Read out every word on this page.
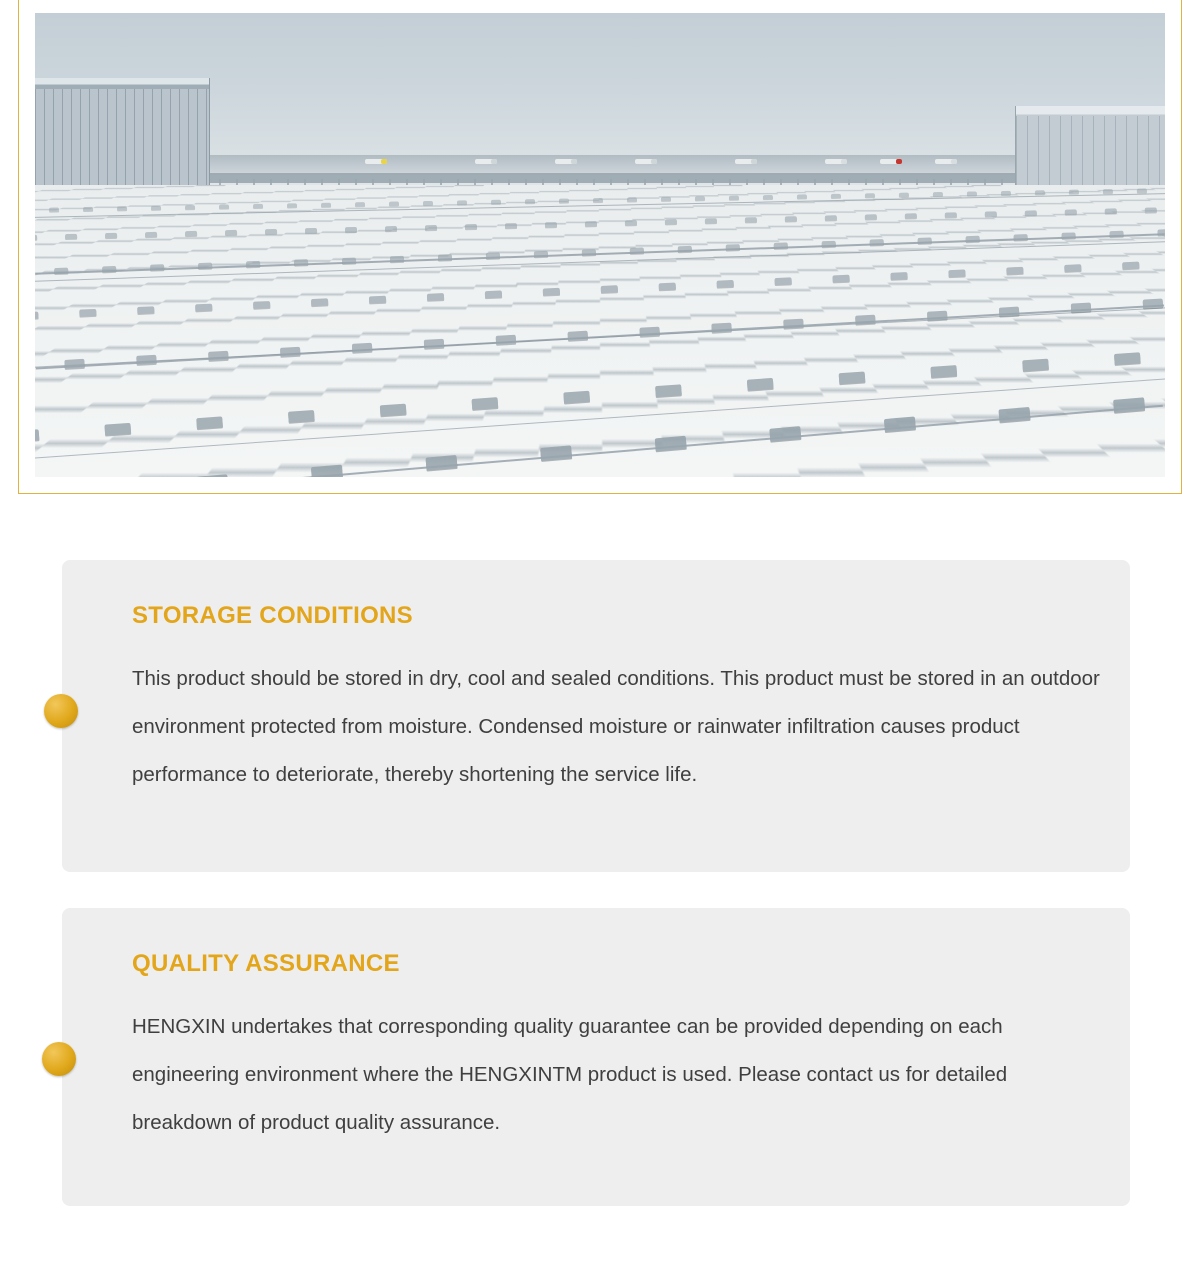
STORAGE CONDITIONS
This product should be stored in dry, cool and sealed conditions. This product must be stored in an outdoor environment protected from moisture. Condensed moisture or rainwater infiltration causes product performance to deteriorate, thereby shortening the service life.
QUALITY ASSURANCE
HENGXIN undertakes that corresponding quality guarantee can be provided depending on each engineering environment where the HENGXINTM product is used. Please contact us for detailed breakdown of product quality assurance.
